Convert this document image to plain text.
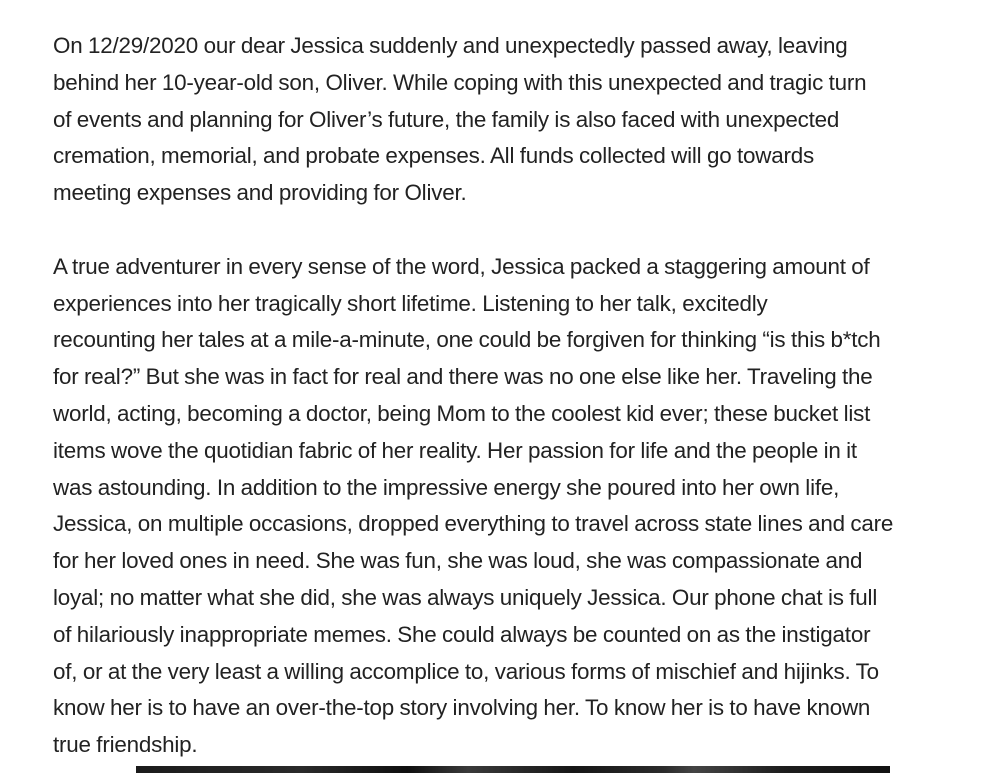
On 12/29/2020 our dear Jessica suddenly and unexpectedly passed away, leaving
behind her 10-year-old son, Oliver. While coping with this unexpected and tragic turn
of events and planning for Oliver’s future, the family is also faced with unexpected
cremation, memorial, and probate expenses. All funds collected will go towards
meeting expenses and providing for Oliver.

A true adventurer in every sense of the word, Jessica packed a staggering amount of
experiences into her tragically short lifetime. Listening to her talk, excitedly
recounting her tales at a mile-a-minute, one could be forgiven for thinking “is this b*tch
for real?” But she was in fact for real and there was no one else like her. Traveling the
world, acting, becoming a doctor, being Mom to the coolest kid ever; these bucket list
items wove the quotidian fabric of her reality. Her passion for life and the people in it
was astounding. In addition to the impressive energy she poured into her own life,
Jessica, on multiple occasions, dropped everything to travel across state lines and care
for her loved ones in need. She was fun, she was loud, she was compassionate and
loyal; no matter what she did, she was always uniquely Jessica. Our phone chat is full
of hilariously inappropriate memes. She could always be counted on as the instigator
of, or at the very least a willing accomplice to, various forms of mischief and hijinks. To
know her is to have an over-the-top story involving her. To know her is to have known
true friendship.
